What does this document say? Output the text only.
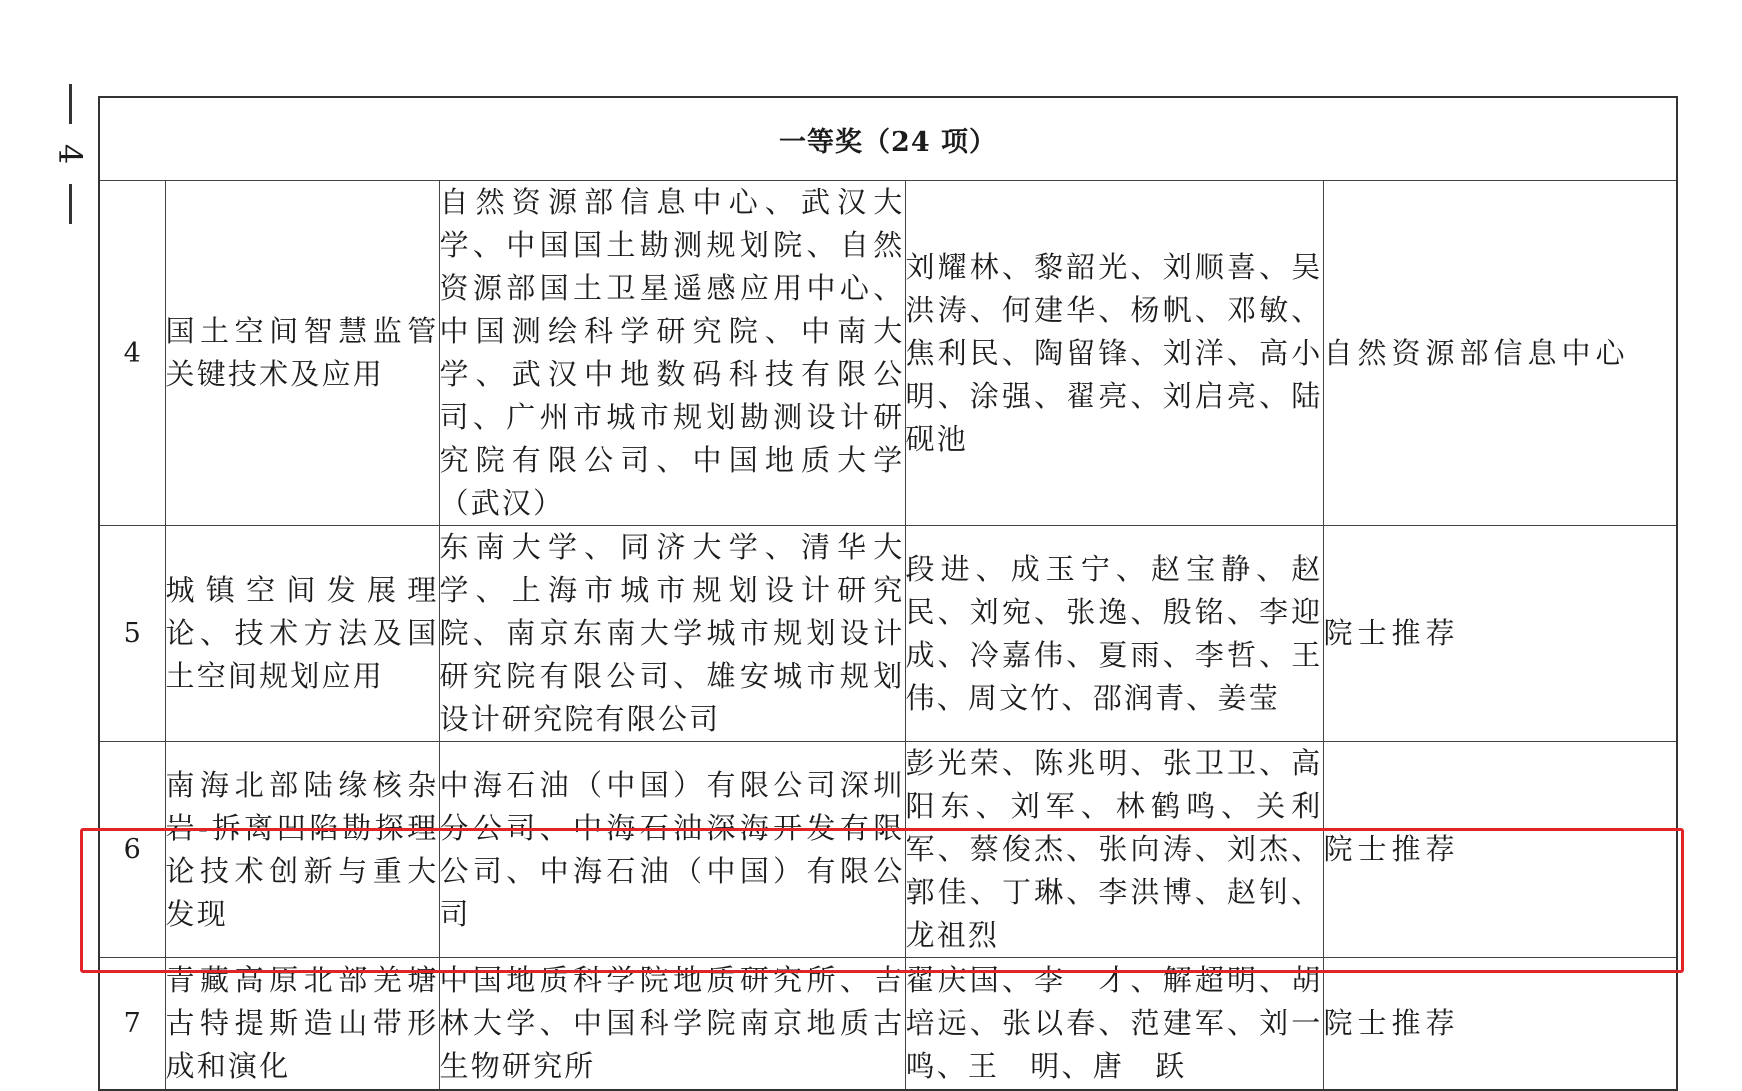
4	一等奖（24 项）				
4	国土空间智慧监管关键技术及应用	自然资源部信息中心、武汉大学、中国国土勘测规划院、自然资源部国土卫星遥感应用中心、中国测绘科学研究院、中南大学、武汉中地数码科技有限公司、广州市城市规划勘测设计研究院有限公司、中国地质大学（武汉）	刘耀林、黎韶光、刘顺喜、吴洪涛、何建华、杨帆、邓敏、焦利民、陶留锋、刘洋、高小明、涂强、翟亮、刘启亮、陆砚池	自然资源部信息中心
5	城镇空间发展理论、技术方法及国土空间规划应用	东南大学、同济大学、清华大学、上海市城市规划设计研究院、南京东南大学城市规划设计研究院有限公司、雄安城市规划设计研究院有限公司	段进、成玉宁、赵宝静、赵民、刘宛、张逸、殷铭、李迎成、冷嘉伟、夏雨、李哲、王伟、周文竹、邵润青、姜莹	院士推荐
6	南海北部陆缘核杂岩-拆离凹陷勘探理论技术创新与重大发现	中海石油（中国）有限公司深圳分公司、中海石油深海开发有限公司、中海石油（中国）有限公司	彭光荣、陈兆明、张卫卫、高阳东、刘军、林鹤鸣、关利军、蔡俊杰、张向涛、刘杰、郭佳、丁琳、李洪博、赵钊、龙祖烈	院士推荐
7	青藏高原北部羌塘古特提斯造山带形成和演化	中国地质科学院地质研究所、吉林大学、中国科学院南京地质古生物研究所	翟庆国、李　才、解超明、胡培远、张以春、范建军、刘一鸣、王　明、唐　跃	院士推荐
